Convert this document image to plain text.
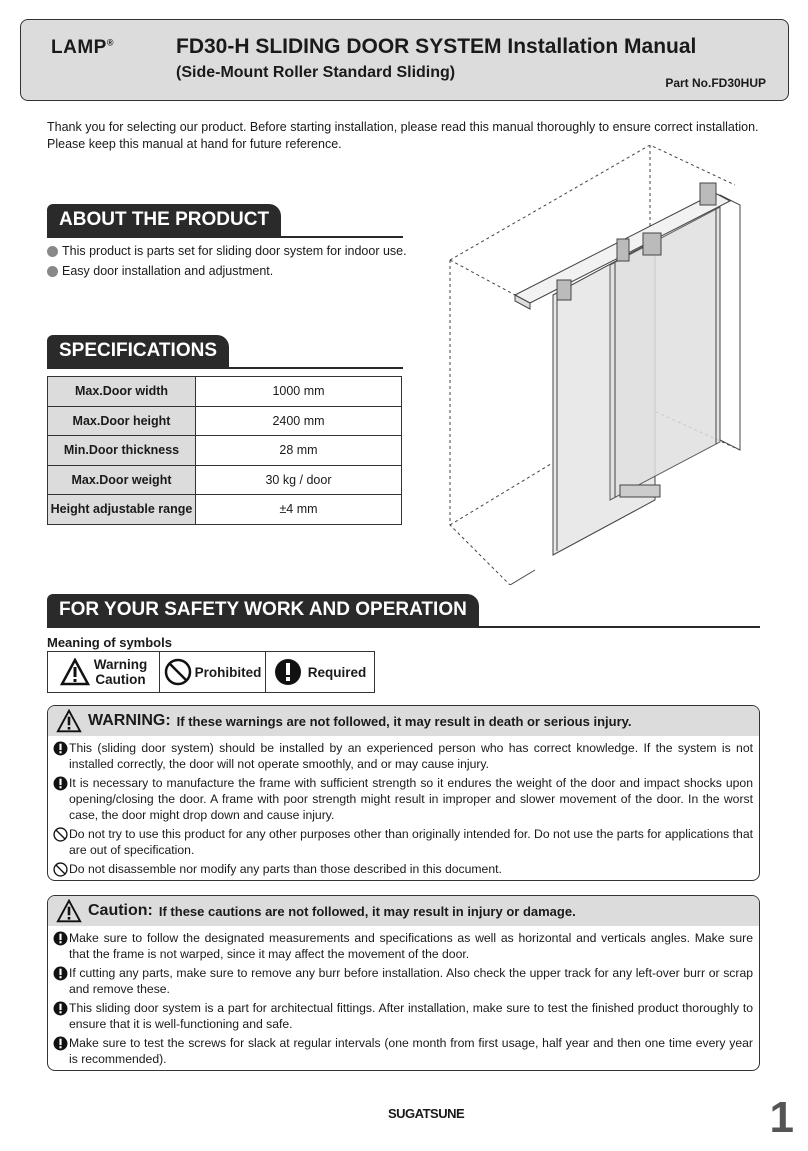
LAMP®	FD30-H SLIDING DOOR SYSTEM Installation Manual
(Side-Mount Roller Standard Sliding)
Part No.FD30HUP
Thank you for selecting our product. Before starting installation, please read this manual thoroughly to ensure correct installation.
Please keep this manual at hand for future reference.
ABOUT THE PRODUCT
This product is parts set for sliding door system for indoor use.
Easy door installation and adjustment.
SPECIFICATIONS
Max.Door width	1000 mm
Max.Door height	2400 mm
Min.Door thickness	28 mm
Max.Door weight	30 kg / door
Height adjustable range	±4 mm
FOR YOUR SAFETY WORK AND OPERATION
Meaning of symbols
Warning
Caution	Prohibited	Required
WARNING: If these warnings are not followed, it may result in death or serious injury.
This (sliding door system) should be installed by an experienced person who has correct knowledge. If the system is not installed correctly, the door will not operate smoothly, and or may cause injury.
It is necessary to manufacture the frame with sufficient strength so it endures the weight of the door and impact shocks upon opening/closing the door. A frame with poor strength might result in improper and slower movement of the door. In the worst case, the door might drop down and cause injury.
Do not try to use this product for any other purposes other than originally intended for. Do not use the parts for applications that are out of specification.
Do not disassemble nor modify any parts than those described in this document.
Caution: If these cautions are not followed, it may result in injury or damage.
Make sure to follow the designated measurements and specifications as well as horizontal and verticals angles. Make sure that the frame is not warped, since it may affect the movement of the door.
If cutting any parts, make sure to remove any burr before installation. Also check the upper track for any left-over burr or scrap and remove these.
This sliding door system is a part for architectual fittings. After installation, make sure to test the finished product thoroughly to ensure that it is well-functioning and safe.
Make sure to test the screws for slack at regular intervals (one month from first usage, half year and then one time every year is recommended).
SUGATSUNE	1
